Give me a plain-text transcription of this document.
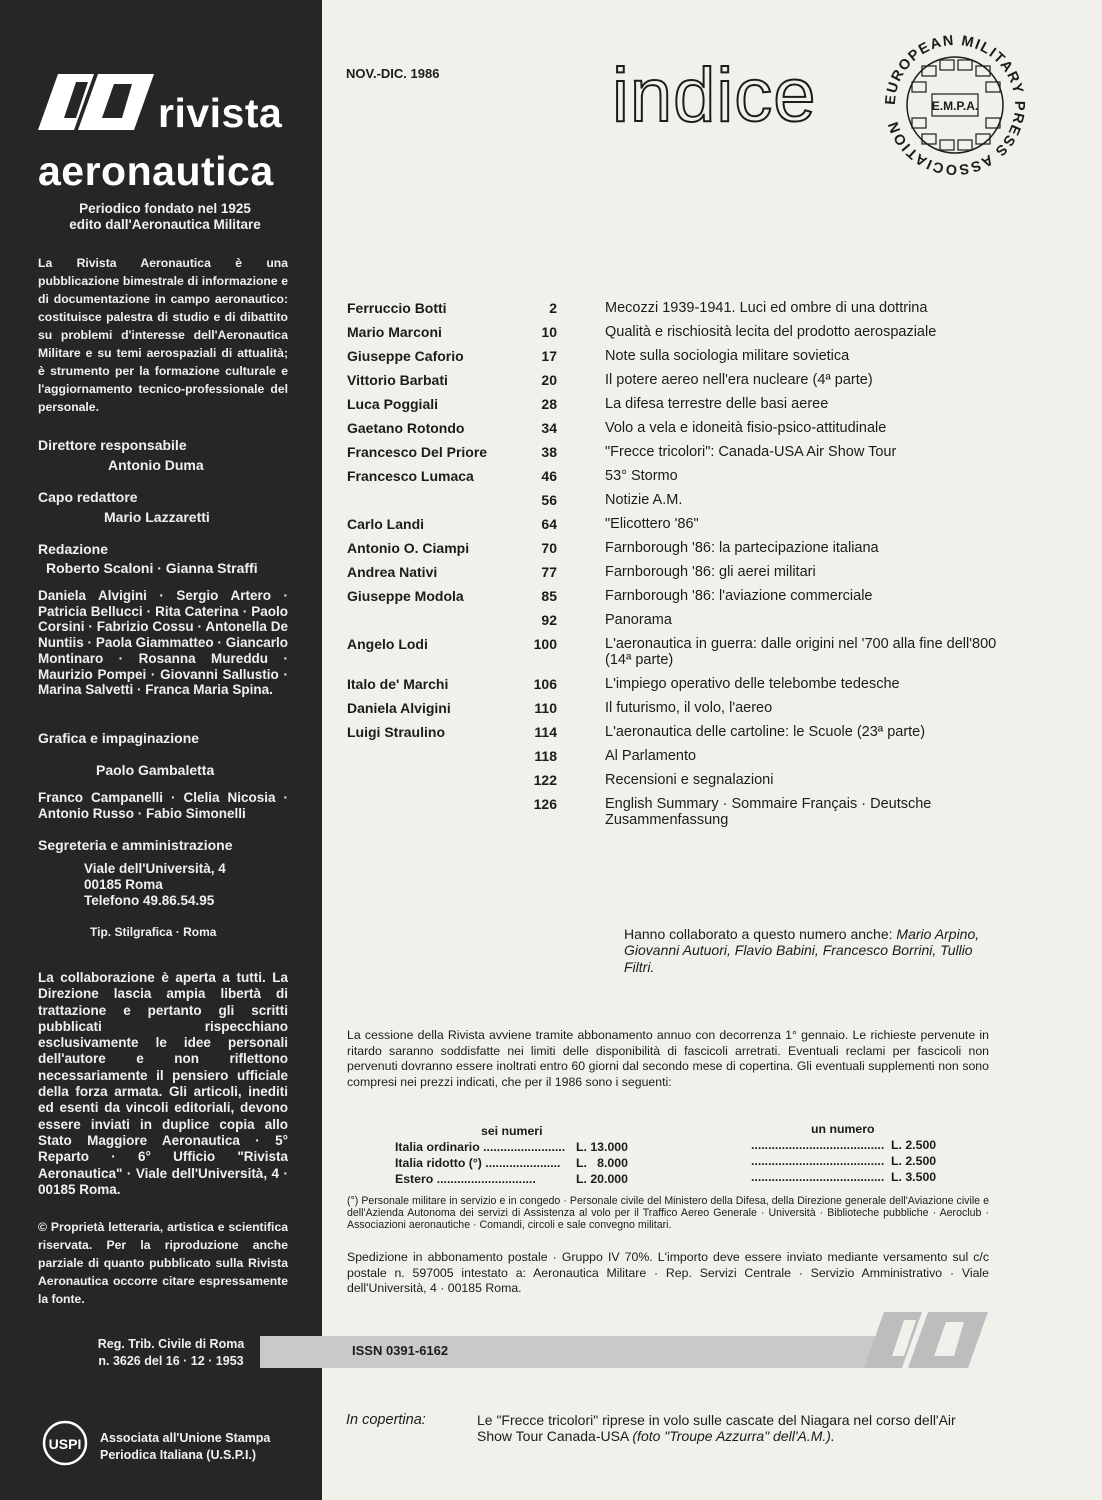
rivista
aeronautica
Periodico fondato nel 1925
edito dall'Aeronautica Militare
La Rivista Aeronautica è una pubblicazione bimestrale di informazione e di documentazione in campo aeronautico: costituisce palestra di studio e di dibattito su problemi d'interesse dell'Aeronautica Militare e su temi aerospaziali di attualità; è strumento per la formazione culturale e l'aggiornamento tecnico-professionale del personale.
Direttore responsabile
Antonio Duma
Capo redattore
Mario Lazzaretti
Redazione
Roberto Scaloni · Gianna Straffi
Daniela Alvigini · Sergio Artero · Patricia Bellucci · Rita Caterina · Paolo Corsini · Fabrizio Cossu · Antonella De Nuntiis · Paola Giammatteo · Giancarlo Montinaro · Rosanna Mureddu · Maurizio Pompei · Giovanni Sallustio · Marina Salvetti · Franca Maria Spina.
Grafica e impaginazione
Paolo Gambaletta
Franco Campanelli · Clelia Nicosia · Antonio Russo · Fabio Simonelli
Segreteria e amministrazione
Viale dell'Università, 4
00185 Roma
Telefono 49.86.54.95
Tip. Stilgrafica · Roma
La collaborazione è aperta a tutti. La Direzione lascia ampia libertà di trattazione e pertanto gli scritti pubblicati rispecchiano esclusivamente le idee personali dell'autore e non riflettono necessariamente il pensiero ufficiale della forza armata. Gli articoli, inediti ed esenti da vincoli editoriali, devono essere inviati in duplice copia allo Stato Maggiore Aeronautica · 5° Reparto · 6° Ufficio "Rivista Aeronautica" · Viale dell'Università, 4 · 00185 Roma.
© Proprietà letteraria, artistica e scientifica riservata. Per la riproduzione anche parziale di quanto pubblicato sulla Rivista Aeronautica occorre citare espressamente la fonte.
Reg. Trib. Civile di Roma
n. 3626 del 16 · 12 · 1953
USPI Associata all'Unione Stampa
Periodica Italiana (U.S.P.I.)
NOV.-DIC. 1986 indice	E.M.P.A.
EUROPEAN MILITARY PRESS ASSOCIATION
Ferruccio Botti	2	Mecozzi 1939-1941. Luci ed ombre di una dottrina
Mario Marconi	10	Qualità e rischiosità lecita del prodotto aerospaziale
Giuseppe Caforio	17	Note sulla sociologia militare sovietica
Vittorio Barbati	20	Il potere aereo nell'era nucleare (4ª parte)
Luca Poggiali	28	La difesa terrestre delle basi aeree
Gaetano Rotondo	34	Volo a vela e idoneità fisio-psico-attitudinale
Francesco Del Priore	38	"Frecce tricolori": Canada-USA Air Show Tour
Francesco Lumaca	46	53° Stormo
56	Notizie A.M.
Carlo Landi	64	"Elicottero '86"
Antonio O. Ciampi	70	Farnborough '86: la partecipazione italiana
Andrea Nativi	77	Farnborough '86: gli aerei militari
Giuseppe Modola	85	Farnborough '86: l'aviazione commerciale
92	Panorama
Angelo Lodi	100	L'aeronautica in guerra: dalle origini nel '700 alla fine dell'800 (14ª parte)
Italo de' Marchi	106	L'impiego operativo delle telebombe tedesche
Daniela Alvigini	110	Il futurismo, il volo, l'aereo
Luigi Straulino	114	L'aeronautica delle cartoline: le Scuole (23ª parte)
118	Al Parlamento
122	Recensioni e segnalazioni
126	English Summary · Sommaire Français · Deutsche Zusammenfassung
Hanno collaborato a questo numero anche: Mario Arpino, Giovanni Autuori, Flavio Babini, Francesco Borrini, Tullio Filtri.
La cessione della Rivista avviene tramite abbonamento annuo con decorrenza 1° gennaio. Le richieste pervenute in ritardo saranno soddisfatte nei limiti delle disponibilità di fascicoli arretrati. Eventuali reclami per fascicoli non pervenuti dovranno essere inoltrati entro 60 giorni dal secondo mese di copertina. Gli eventuali supplementi non sono compresi nei prezzi indicati, che per il 1986 sono i seguenti:
sei numeri	un numero
Italia ordinario ........................ L. 13.000	....................................... L. 2.500
Italia ridotto (°) ...................... L.   8.000	....................................... L. 2.500
Estero .............................	L. 20.000	....................................... L. 3.500
(°) Personale militare in servizio e in congedo · Personale civile del Ministero della Difesa, della Direzione generale dell'Aviazione civile e dell'Azienda Autonoma dei servizi di Assistenza al volo per il Traffico Aereo Generale · Università · Biblioteche pubbliche · Aeroclub · Associazioni aeronautiche · Comandi, circoli e sale convegno militari.
Spedizione in abbonamento postale · Gruppo IV 70%. L'importo deve essere inviato mediante versamento sul c/c postale n. 597005 intestato a: Aeronautica Militare · Rep. Servizi Centrale · Servizio Amministrativo · Viale dell'Università, 4 · 00185 Roma.
ISSN 0391-6162
In copertina:	Le "Frecce tricolori" riprese in volo sulle cascate del Niagara nel corso dell'Air Show Tour Canada-USA (foto "Troupe Azzurra" dell'A.M.).
